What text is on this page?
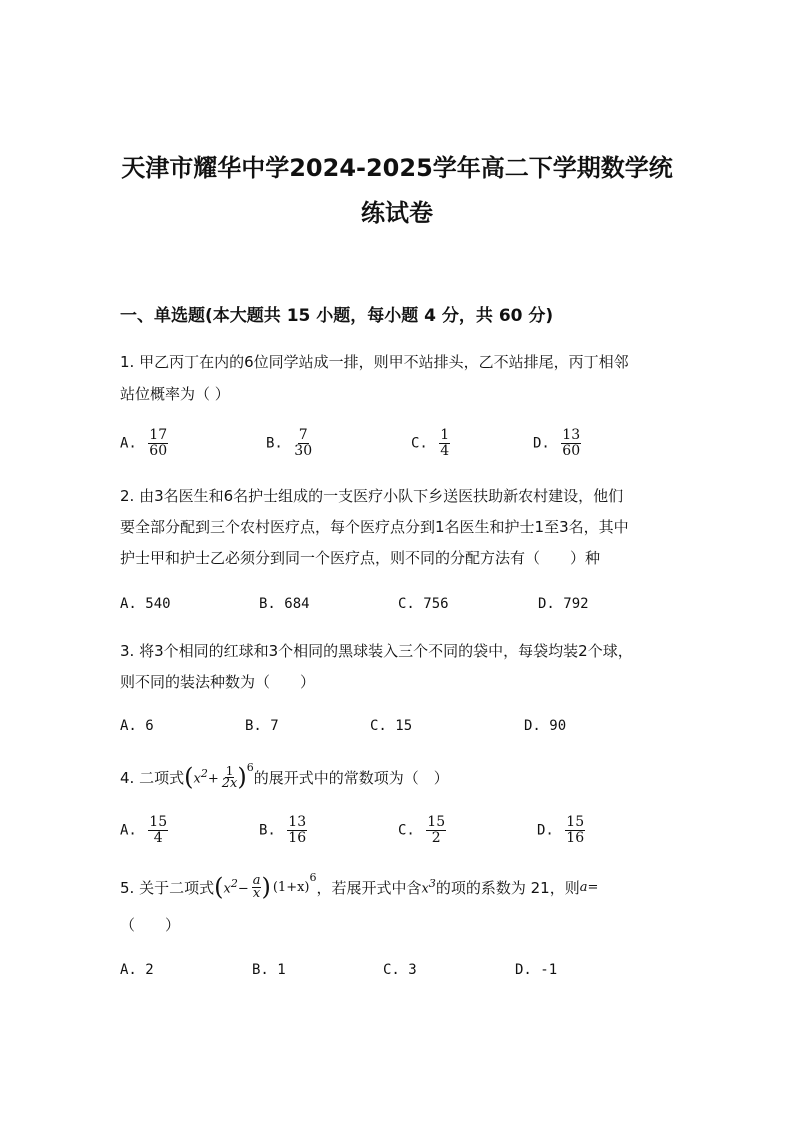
天津市耀华中学2024-2025学年高二下学期数学统
练试卷
一、单选题(本大题共 15 小题，每小题 4 分，共 60 分)
1. 甲乙丙丁在内的6位同学站成一排，则甲不站排头，乙不站排尾，丙丁相邻
站位概率为（ ）
A. $\frac{17}{60}$	B. $\frac{7}{30}$	C. $\frac{1}{4}$	D. $\frac{13}{60}$
2. 由3名医生和6名护士组成的一支医疗小队下乡送医扶助新农村建设，他们
要全部分配到三个农村医疗点，每个医疗点分到1名医生和护士1至3名，其中
护士甲和护士乙必须分到同一个医疗点，则不同的分配方法有（　　）种
A. 540	B. 684	C. 756	D. 792
3. 将3个相同的红球和3个相同的黑球装入三个不同的袋中，每袋均装2个球，
则不同的装法种数为（　　）
A. 6	B. 7	C. 15	D. 90
4. 二项式 ( $x^2+ \frac{1}{2x} )^6$
的展开式中的常数项为（　）
A. $\frac{15}{4}$	B. $\frac{13}{16}$	C. $\frac{15}{2}$	D. $\frac{15}{16}$
5. 关于二项式 ( $x^2- \frac{a}{x}$ ) (1+x)
$^6$
，若展开式中含 $x^3$ 的项的系数为 21，则 a =
（　　）
A. 2	B. 1	C. 3	D. -1
